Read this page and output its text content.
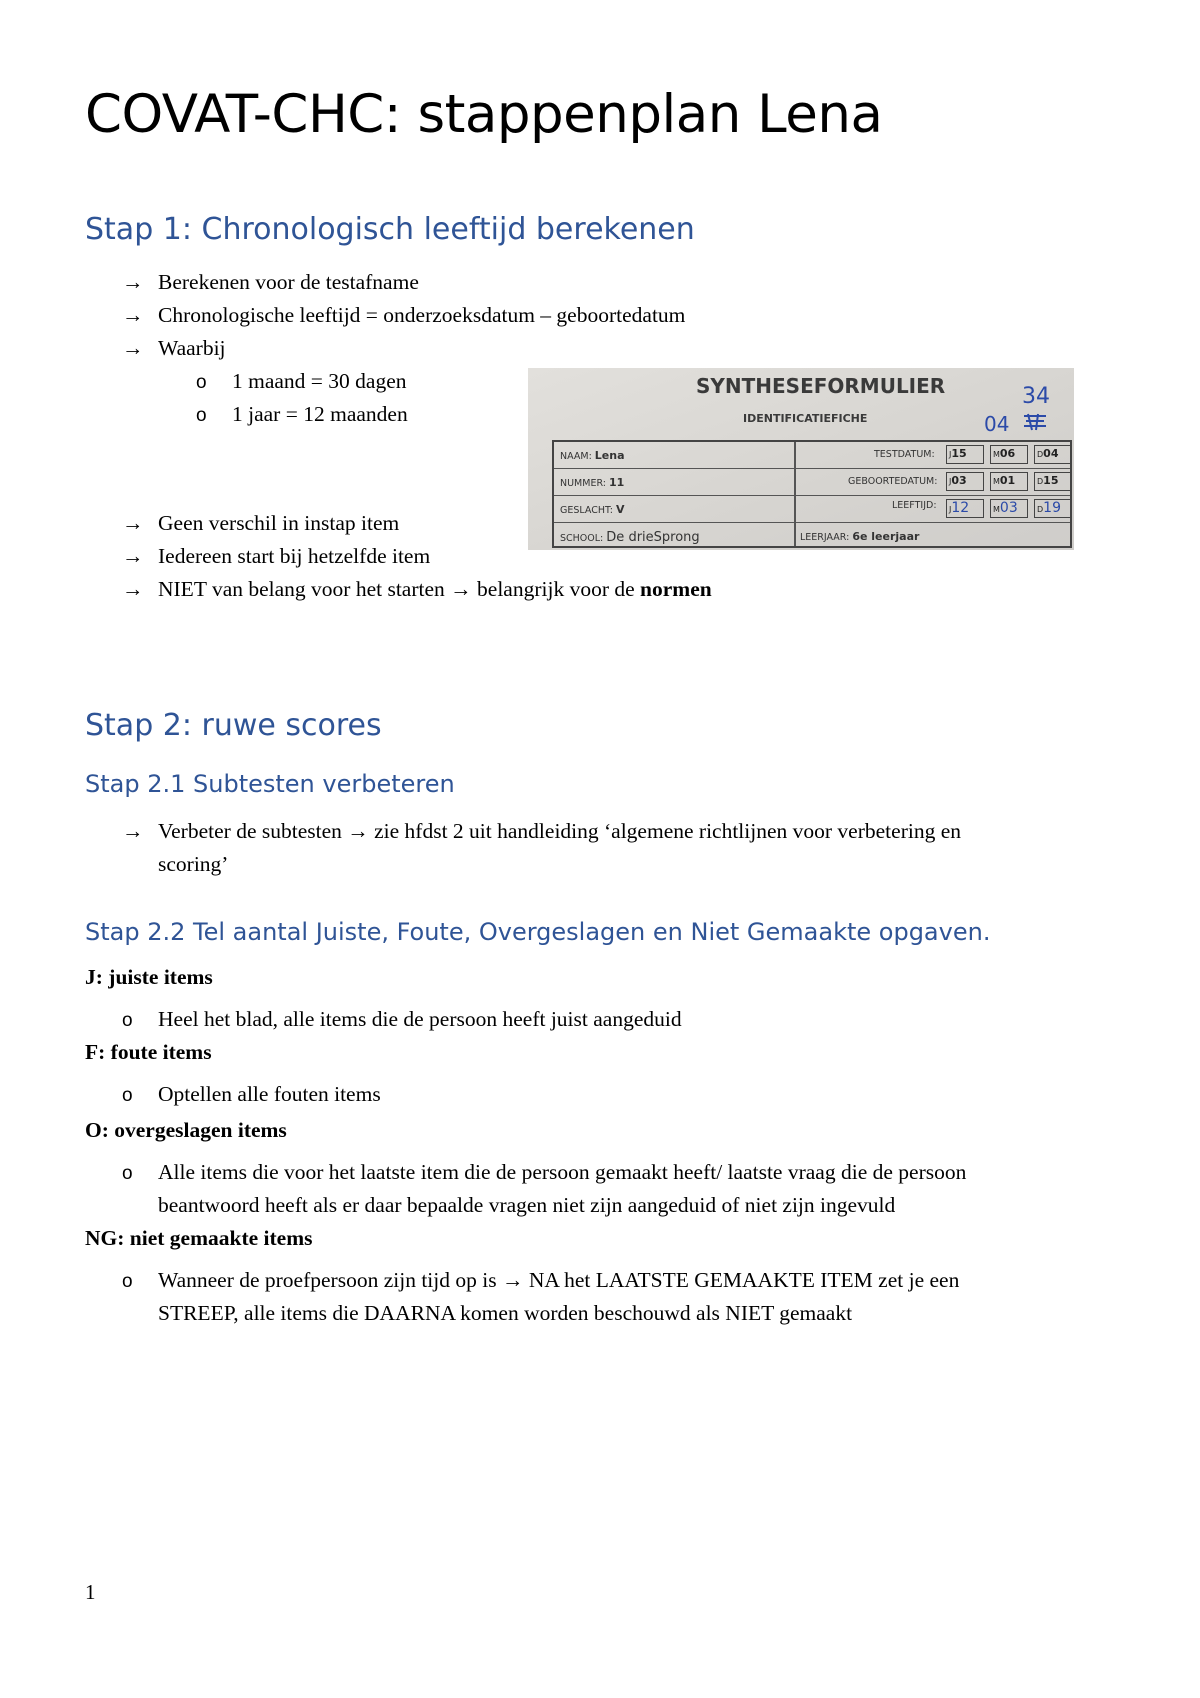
COVAT-CHC: stappenplan Lena
Stap 1: Chronologisch leeftijd berekenen
→ Berekenen voor de testafname
→ Chronologische leeftijd = onderzoeksdatum – geboortedatum
→ Waarbij
o 1 maand = 30 dagen
o 1 jaar = 12 maanden
→ Geen verschil in instap item
→ Iedereen start bij hetzelfde item
→ NIET van belang voor het starten → belangrijk voor de normen
SYNTHESEFORMULIER
IDENTIFICATIEFICHE
34
04
NAAM: Lena	TESTDATUM:	J15	M06	D04
NUMMER: 11	GEBOORTEDATUM:	J03	M01	D15
GESLACHT: V	LEEFTIJD:	J12	M03	D19
SCHOOL: De drieSprong	LEERJAAR: 6e leerjaar
Stap 2: ruwe scores
Stap 2.1 Subtesten verbeteren
→ Verbeter de subtesten → zie hfdst 2 uit handleiding ‘algemene richtlijnen voor verbetering en
scoring’
Stap 2.2 Tel aantal Juiste, Foute, Overgeslagen en Niet Gemaakte opgaven.
J: juiste items
o Heel het blad, alle items die de persoon heeft juist aangeduid
F: foute items
o Optellen alle fouten items
O: overgeslagen items
o Alle items die voor het laatste item die de persoon gemaakt heeft/ laatste vraag die de persoon
beantwoord heeft als er daar bepaalde vragen niet zijn aangeduid of niet zijn ingevuld
NG: niet gemaakte items
o Wanneer de proefpersoon zijn tijd op is → NA het LAATSTE GEMAAKTE ITEM zet je een
STREEP, alle items die DAARNA komen worden beschouwd als NIET gemaakt
1
